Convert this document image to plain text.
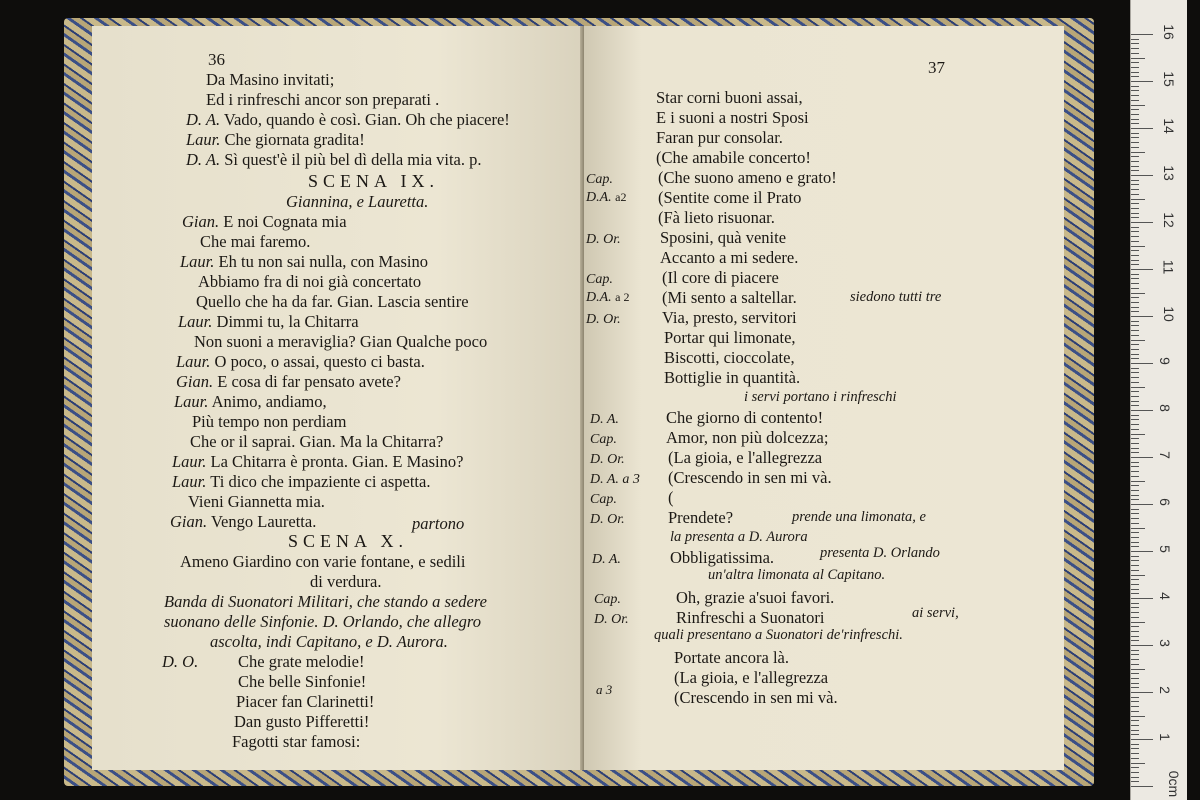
36
Da Masino invitati;
Ed i rinfreschi ancor son preparati .
D. A. Vado, quando è così. Gian. Oh che piacere!
Laur. Che giornata gradita!
D. A. Sì quest'è il più bel dì della mia vita. p.
SCENA IX.
Giannina, e Lauretta.
Gian. E noi Cognata mia
Che mai faremo.
Laur. Eh tu non sai nulla, con Masino
Abbiamo fra di noi già concertato
Quello che ha da far. Gian. Lascia sentire
Laur. Dimmi tu, la Chitarra
Non suoni a meraviglia? Gian Qualche poco
Laur. O poco, o assai, questo ci basta.
Gian. E cosa di far pensato avete?
Laur. Animo, andiamo,
Più tempo non perdiam
Che or il saprai. Gian. Ma la Chitarra?
Laur. La Chitarra è pronta. Gian. E Masino?
Laur. Ti dico che impaziente ci aspetta.
Vieni Giannetta mia.
Gian. Vengo Lauretta.	partono
SCENA X.
Ameno Giardino con varie fontane, e sedili
di verdura.
Banda di Suonatori Militari, che stando a sedere
suonano delle Sinfonie. D. Orlando, che allegro
ascolta, indi Capitano, e D. Aurora.
D. O. Che grate melodie!
Che belle Sinfonie!
Piacer fan Clarinetti!
Dan gusto Pifferetti!
Fagotti star famosi:
37
Star corni buoni assai,
E i suoni a nostri Sposi
Faran pur consolar.
(Che amabile concerto!
Cap.	(Che suono ameno e grato!
D.A. a2 (Sentite come il Prato
(Fà lieto risuonar.
D. Or. Sposini, quà venite
Accanto a mi sedere.
Cap.	(Il core di piacere
D.A. a 2 (Mi sento a saltellar.	siedono tutti tre
D. Or.	Via, presto, servitori
Portar qui limonate,
Biscotti, cioccolate,
Bottiglie in quantità.
i servi portano i rinfreschi
D. A.	Che giorno di contento!
Cap.	Amor, non più dolcezza;
D. Or.	(La gioia, e l'allegrezza
D. A. a 3 (Crescendo in sen mi và.
Cap.	(
D. Or.	Prendete?	prende una limonata, e
la presenta a D. Aurora
D. A.	Obbligatissima.	presenta D. Orlando
un'altra limonata al Capitano.
Cap.	Oh, grazie a'suoi favori.
D. Or.	Rinfreschi a Suonatori	ai servi,
quali presentano a Suonatori de'rinfreschi.
Portate ancora là.
(La gioia, e l'allegrezza
a 3	(Crescendo in sen mi và.
0cm
1
2
3
4
5
6
7
8
9
10
11
12
13
14
15
16
